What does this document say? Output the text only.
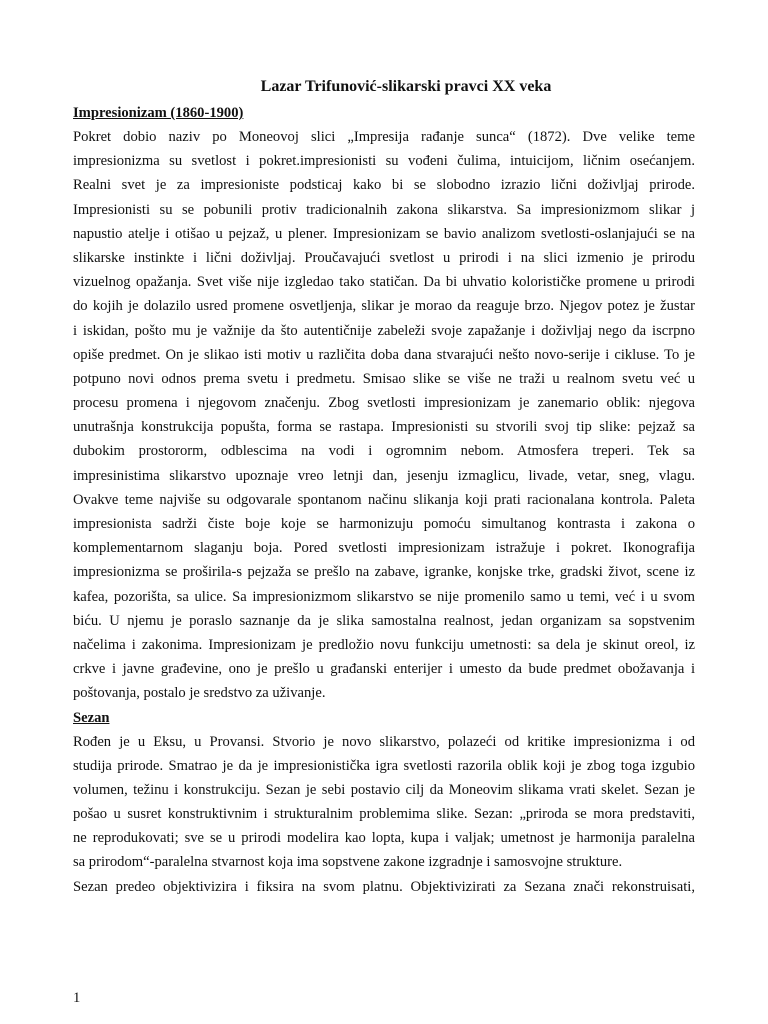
Lazar Trifunović-slikarski pravci XX veka
Impresionizam (1860-1900)

Pokret dobio naziv po Moneovoj slici „Impresija rađanje sunca“ (1872). Dve velike teme
impresionizma su svetlost i pokret.impresionisti su vođeni čulima, intuicijom, ličnim osećanjem.
Realni svet je za impresioniste podsticaj kako bi se slobodno izrazio lični doživljaj prirode.
Impresionisti su se pobunili protiv tradicionalnih zakona slikarstva. Sa impresionizmom slikar j
napustio atelje i otišao u pejzaž, u plener. Impresionizam se bavio analizom svetlosti-oslanjajući se na
slikarske instinkte i lični doživljaj. Proučavajući svetlost u prirodi i na slici izmenio je prirodu
vizuelnog opažanja. Svet više nije izgledao tako statičan. Da bi uhvatio kolorističke promene u prirodi
do kojih je dolazilo usred promene osvetljenja, slikar je morao da reaguje brzo. Njegov potez je žustar
i iskidan, pošto mu je važnije da što autentičnije zabeleži svoje zapažanje i doživljaj nego da iscrpno
opiše predmet. On je slikao isti motiv u različita doba dana stvarajući nešto novo-serije i cikluse. To je
potpuno novi odnos prema svetu i predmetu. Smisao slike se više ne traži u realnom svetu već u
procesu promena i njegovom značenju. Zbog svetlosti impresionizam je zanemario oblik: njegova
unutrašnja konstrukcija popušta, forma se rastapa. Impresionisti su stvorili svoj tip slike: pejzaž sa
dubokim prostororm, odblescima na vodi i ogromnim nebom. Atmosfera treperi. Tek sa
impresinistima slikarstvo upoznaje vreo letnji dan, jesenju izmaglicu, livade, vetar, sneg, vlagu.
Ovakve teme najviše su odgovarale spontanom načinu slikanja koji prati racionalana kontrola. Paleta
impresionista sadrži čiste boje koje se harmonizuju pomoću simultanog kontrasta i zakona o
komplementarnom slaganju boja. Pored svetlosti impresionizam istražuje i pokret. Ikonografija
impresionizma se proširila-s pejzaža se prešlo na zabave, igranke, konjske trke, gradski život, scene iz
kafea, pozorišta, sa ulice. Sa impresionizmom slikarstvo se nije promenilo samo u temi, već i u svom
biću. U njemu je poraslo saznanje da je slika samostalna realnost, jedan organizam sa sopstvenim
načelima i zakonima. Impresionizam je predložio novu funkciju umetnosti: sa dela je skinut oreol, iz
crkve i javne građevine, ono je prešlo u građanski enterijer i umesto da bude predmet obožavanja i
poštovanja, postalo je sredstvo za uživanje.

Sezan

Rođen je u Eksu, u Provansi. Stvorio je novo slikarstvo, polazeći od kritike impresionizma i od
studija prirode. Smatrao je da je impresionistička igra svetlosti razorila oblik koji je zbog toga izgubio
volumen, težinu i konstrukciju. Sezan je sebi postavio cilj da Moneovim slikama vrati skelet. Sezan je
pošao u susret konstruktivnim i strukturalnim problemima slike. Sezan: „priroda se mora predstaviti,
ne reprodukovati; sve se u prirodi modelira kao lopta, kupa i valjak; umetnost je harmonija paralelna
sa prirodom“-paralelna stvarnost koja ima sopstvene zakone izgradnje i samosvojne strukture.

Sezan predeo objektivizira i fiksira na svom platnu. Objektivizirati za Sezana znači rekonstruisati,

1
